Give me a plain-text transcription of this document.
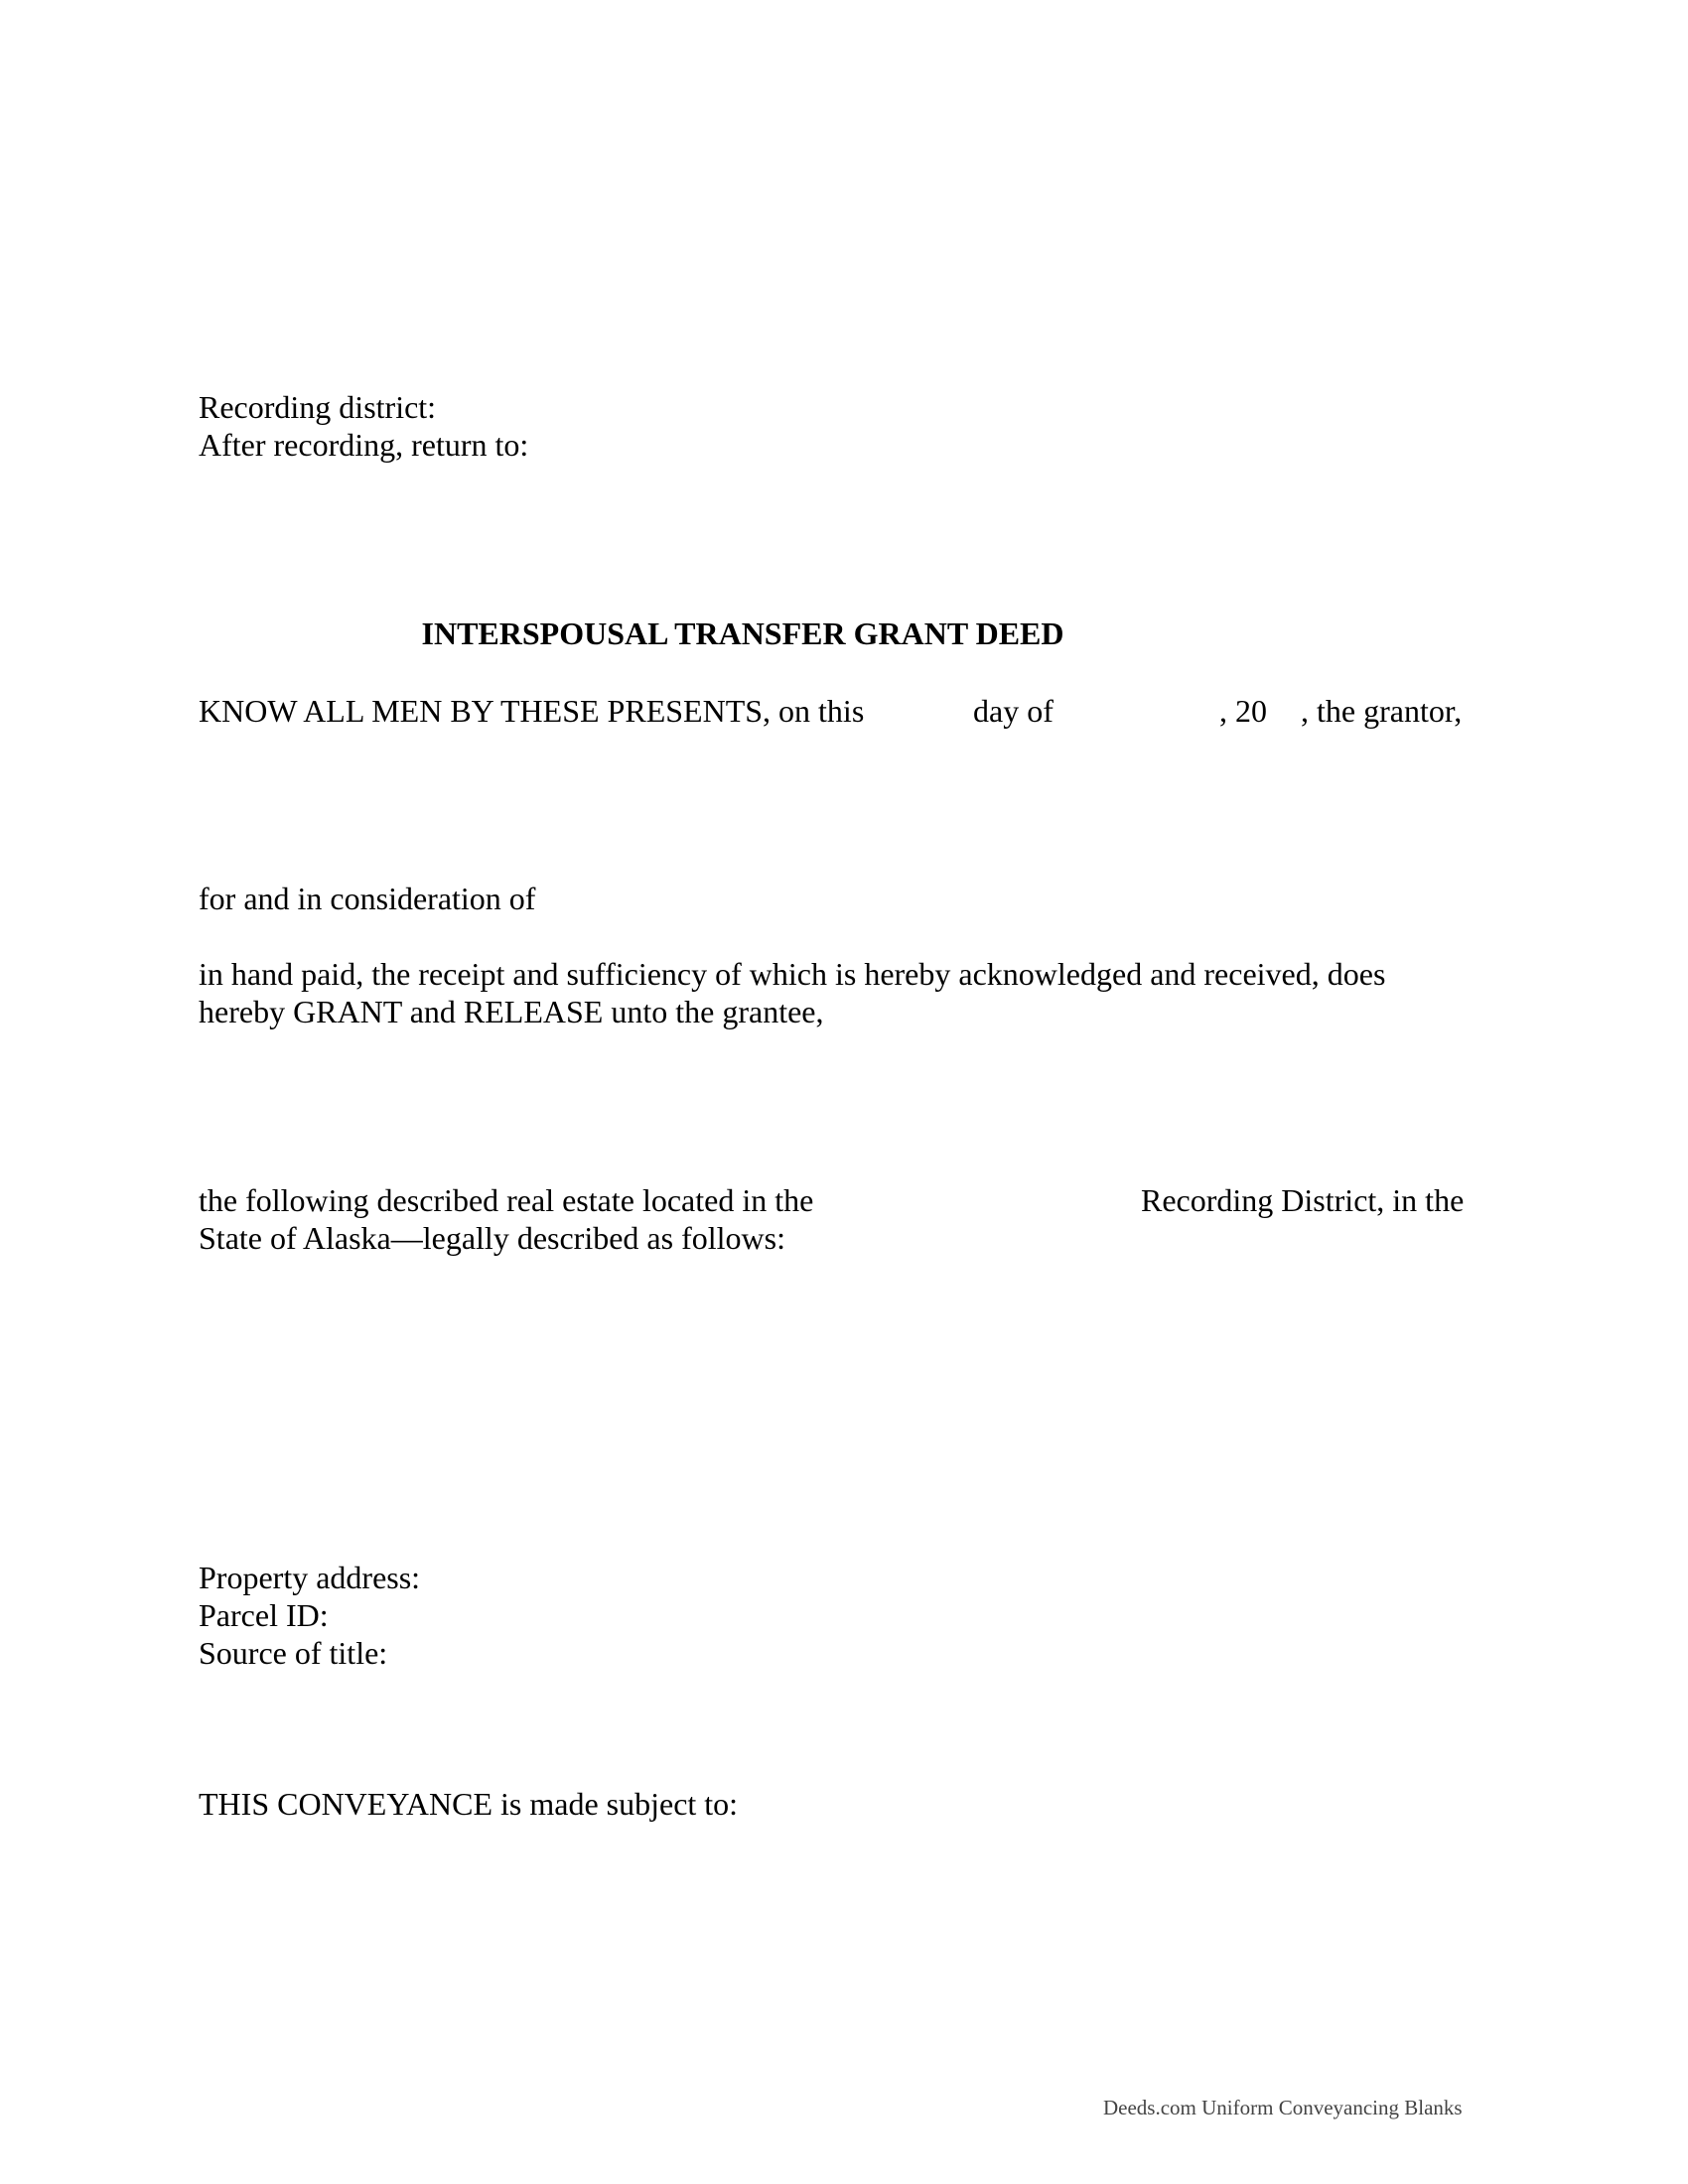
Recording district:
After recording, return to:
INTERSPOUSAL TRANSFER GRANT DEED
KNOW ALL MEN BY THESE PRESENTS, on this	day of	, 20 , the grantor,
for and in consideration of
in hand paid, the receipt and sufficiency of which is hereby acknowledged and received, does
hereby GRANT and RELEASE unto the grantee,
the following described real estate located in the	Recording District, in the
State of Alaska—legally described as follows:
Property address:
Parcel ID:
Source of title:
THIS CONVEYANCE is made subject to:
Deeds.com Uniform Conveyancing Blanks
